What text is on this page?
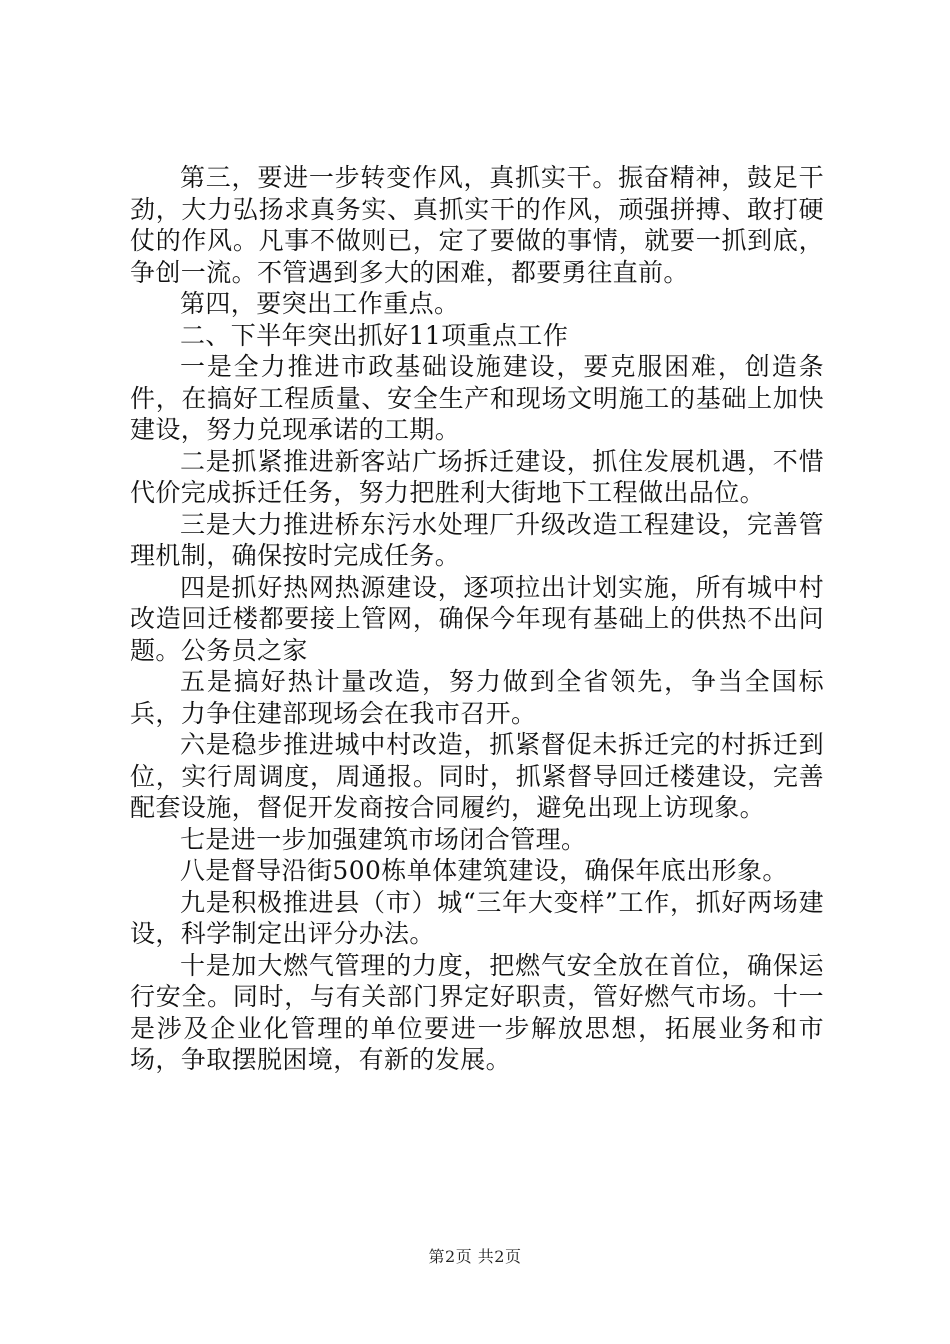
第三，要进一步转变作风，真抓实干。振奋精神，鼓足干劲，大力弘扬求真务实、真抓实干的作风，顽强拼搏、敢打硬仗的作风。凡事不做则已，定了要做的事情，就要一抓到底，争创一流。不管遇到多大的困难，都要勇往直前。

第四，要突出工作重点。

二、下半年突出抓好11项重点工作

一是全力推进市政基础设施建设，要克服困难，创造条件，在搞好工程质量、安全生产和现场文明施工的基础上加快建设，努力兑现承诺的工期。

二是抓紧推进新客站广场拆迁建设，抓住发展机遇，不惜代价完成拆迁任务，努力把胜利大街地下工程做出品位。

三是大力推进桥东污水处理厂升级改造工程建设，完善管理机制，确保按时完成任务。

四是抓好热网热源建设，逐项拉出计划实施，所有城中村改造回迁楼都要接上管网，确保今年现有基础上的供热不出问题。公务员之家

五是搞好热计量改造，努力做到全省领先，争当全国标兵，力争住建部现场会在我市召开。

六是稳步推进城中村改造，抓紧督促未拆迁完的村拆迁到位，实行周调度，周通报。同时，抓紧督导回迁楼建设，完善配套设施，督促开发商按合同履约，避免出现上访现象。

七是进一步加强建筑市场闭合管理。

八是督导沿街500栋单体建筑建设，确保年底出形象。

九是积极推进县（市）城“三年大变样”工作，抓好两场建设，科学制定出评分办法。

十是加大燃气管理的力度，把燃气安全放在首位，确保运行安全。同时，与有关部门界定好职责，管好燃气市场。十一是涉及企业化管理的单位要进一步解放思想，拓展业务和市场，争取摆脱困境，有新的发展。

第2页 共2页
